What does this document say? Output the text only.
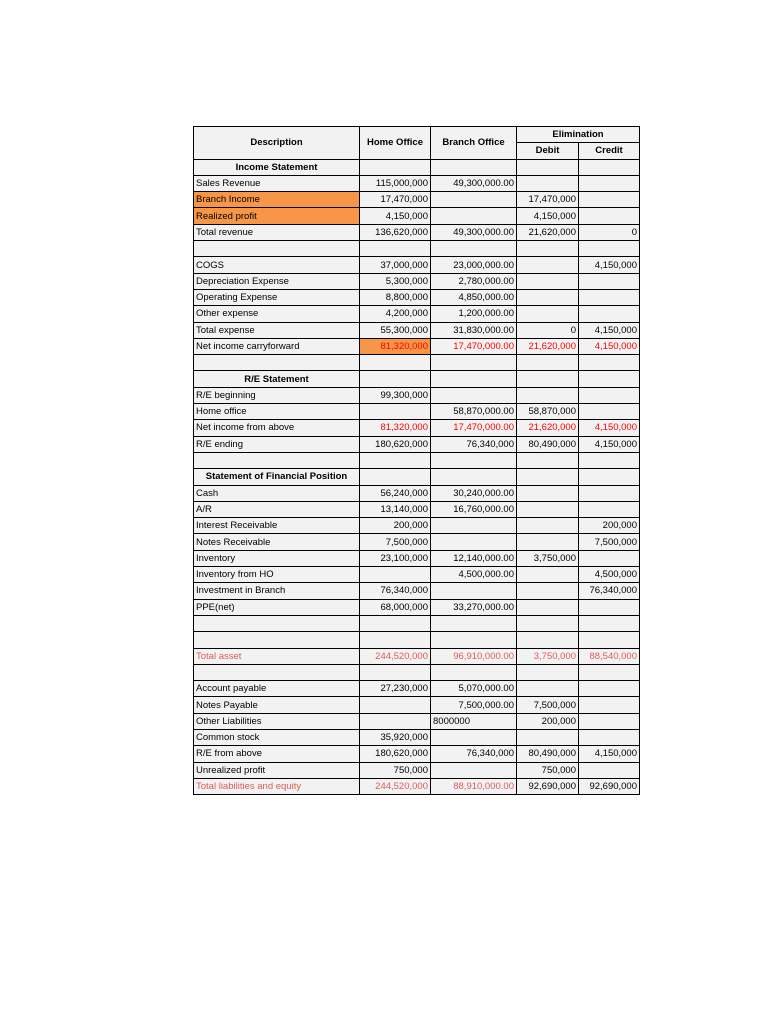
Description	Home Office	Branch Office	Elimination	
			Debit	Credit
Income Statement				
Sales Revenue	115,000,000	49,300,000.00		
Branch Income	17,470,000		17,470,000	
Realized profit	4,150,000		4,150,000	
Total revenue	136,620,000	49,300,000.00	21,620,000	0

COGS	37,000,000	23,000,000.00		4,150,000
Depreciation Expense	5,300,000	2,780,000.00		
Operating Expense	8,800,000	4,850,000.00		
Other expense	4,200,000	1,200,000.00		
Total expense	55,300,000	31,830,000.00	0	4,150,000
Net income carryforward	81,320,000	17,470,000.00	21,620,000	4,150,000

R/E Statement				
R/E beginning	99,300,000			
Home office		58,870,000.00	58,870,000	
Net income from above	81,320,000	17,470,000.00	21,620,000	4,150,000
R/E ending	180,620,000	76,340,000	80,490,000	4,150,000

Statement of Financial Position				
Cash	56,240,000	30,240,000.00		
A/R	13,140,000	16,760,000.00		
Interest Receivable	200,000			200,000
Notes Receivable	7,500,000			7,500,000
Inventory	23,100,000	12,140,000.00	3,750,000	
Inventory from HO		4,500,000.00		4,500,000
Investment in Branch	76,340,000			76,340,000
PPE(net)	68,000,000	33,270,000.00		

Total asset	244,520,000	96,910,000.00	3,750,000	88,540,000

Account payable	27,230,000	5,070,000.00		
Notes Payable		7,500,000.00	7,500,000	
Other Liabilities		8000000	200,000	
Common stock	35,920,000			
R/E from above	180,620,000	76,340,000	80,490,000	4,150,000
Unrealized profit	750,000		750,000	
Total liabilities and equity	244,520,000	88,910,000.00	92,690,000	92,690,000
